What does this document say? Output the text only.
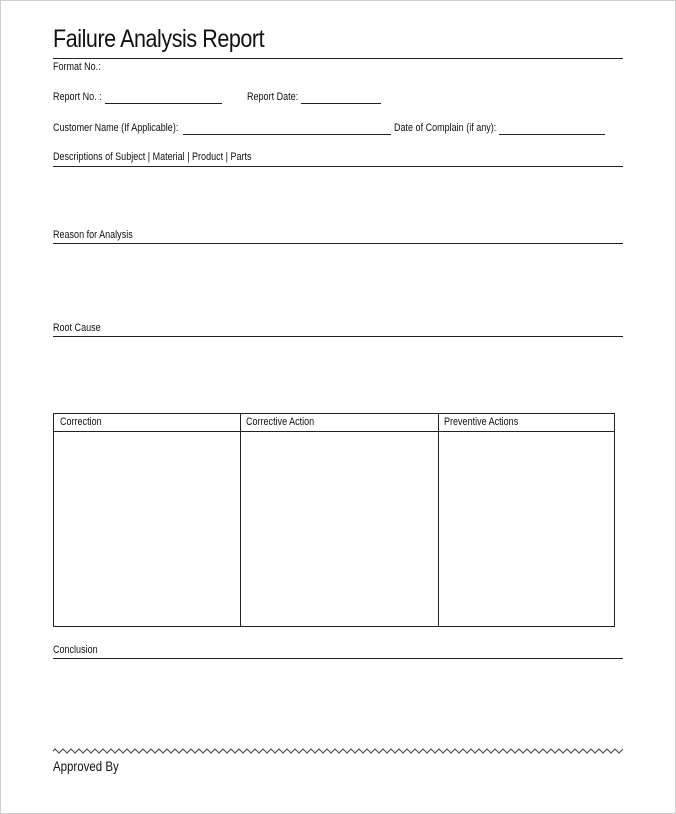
Failure Analysis Report
Format No.:
Report No. :	Report Date:
Customer Name (If Applicable):	Date of Complain (if any):
Descriptions of Subject | Material | Product | Parts
Reason for Analysis
Root Cause
Correction	Corrective Action	Preventive Actions
Conclusion
Approved By
